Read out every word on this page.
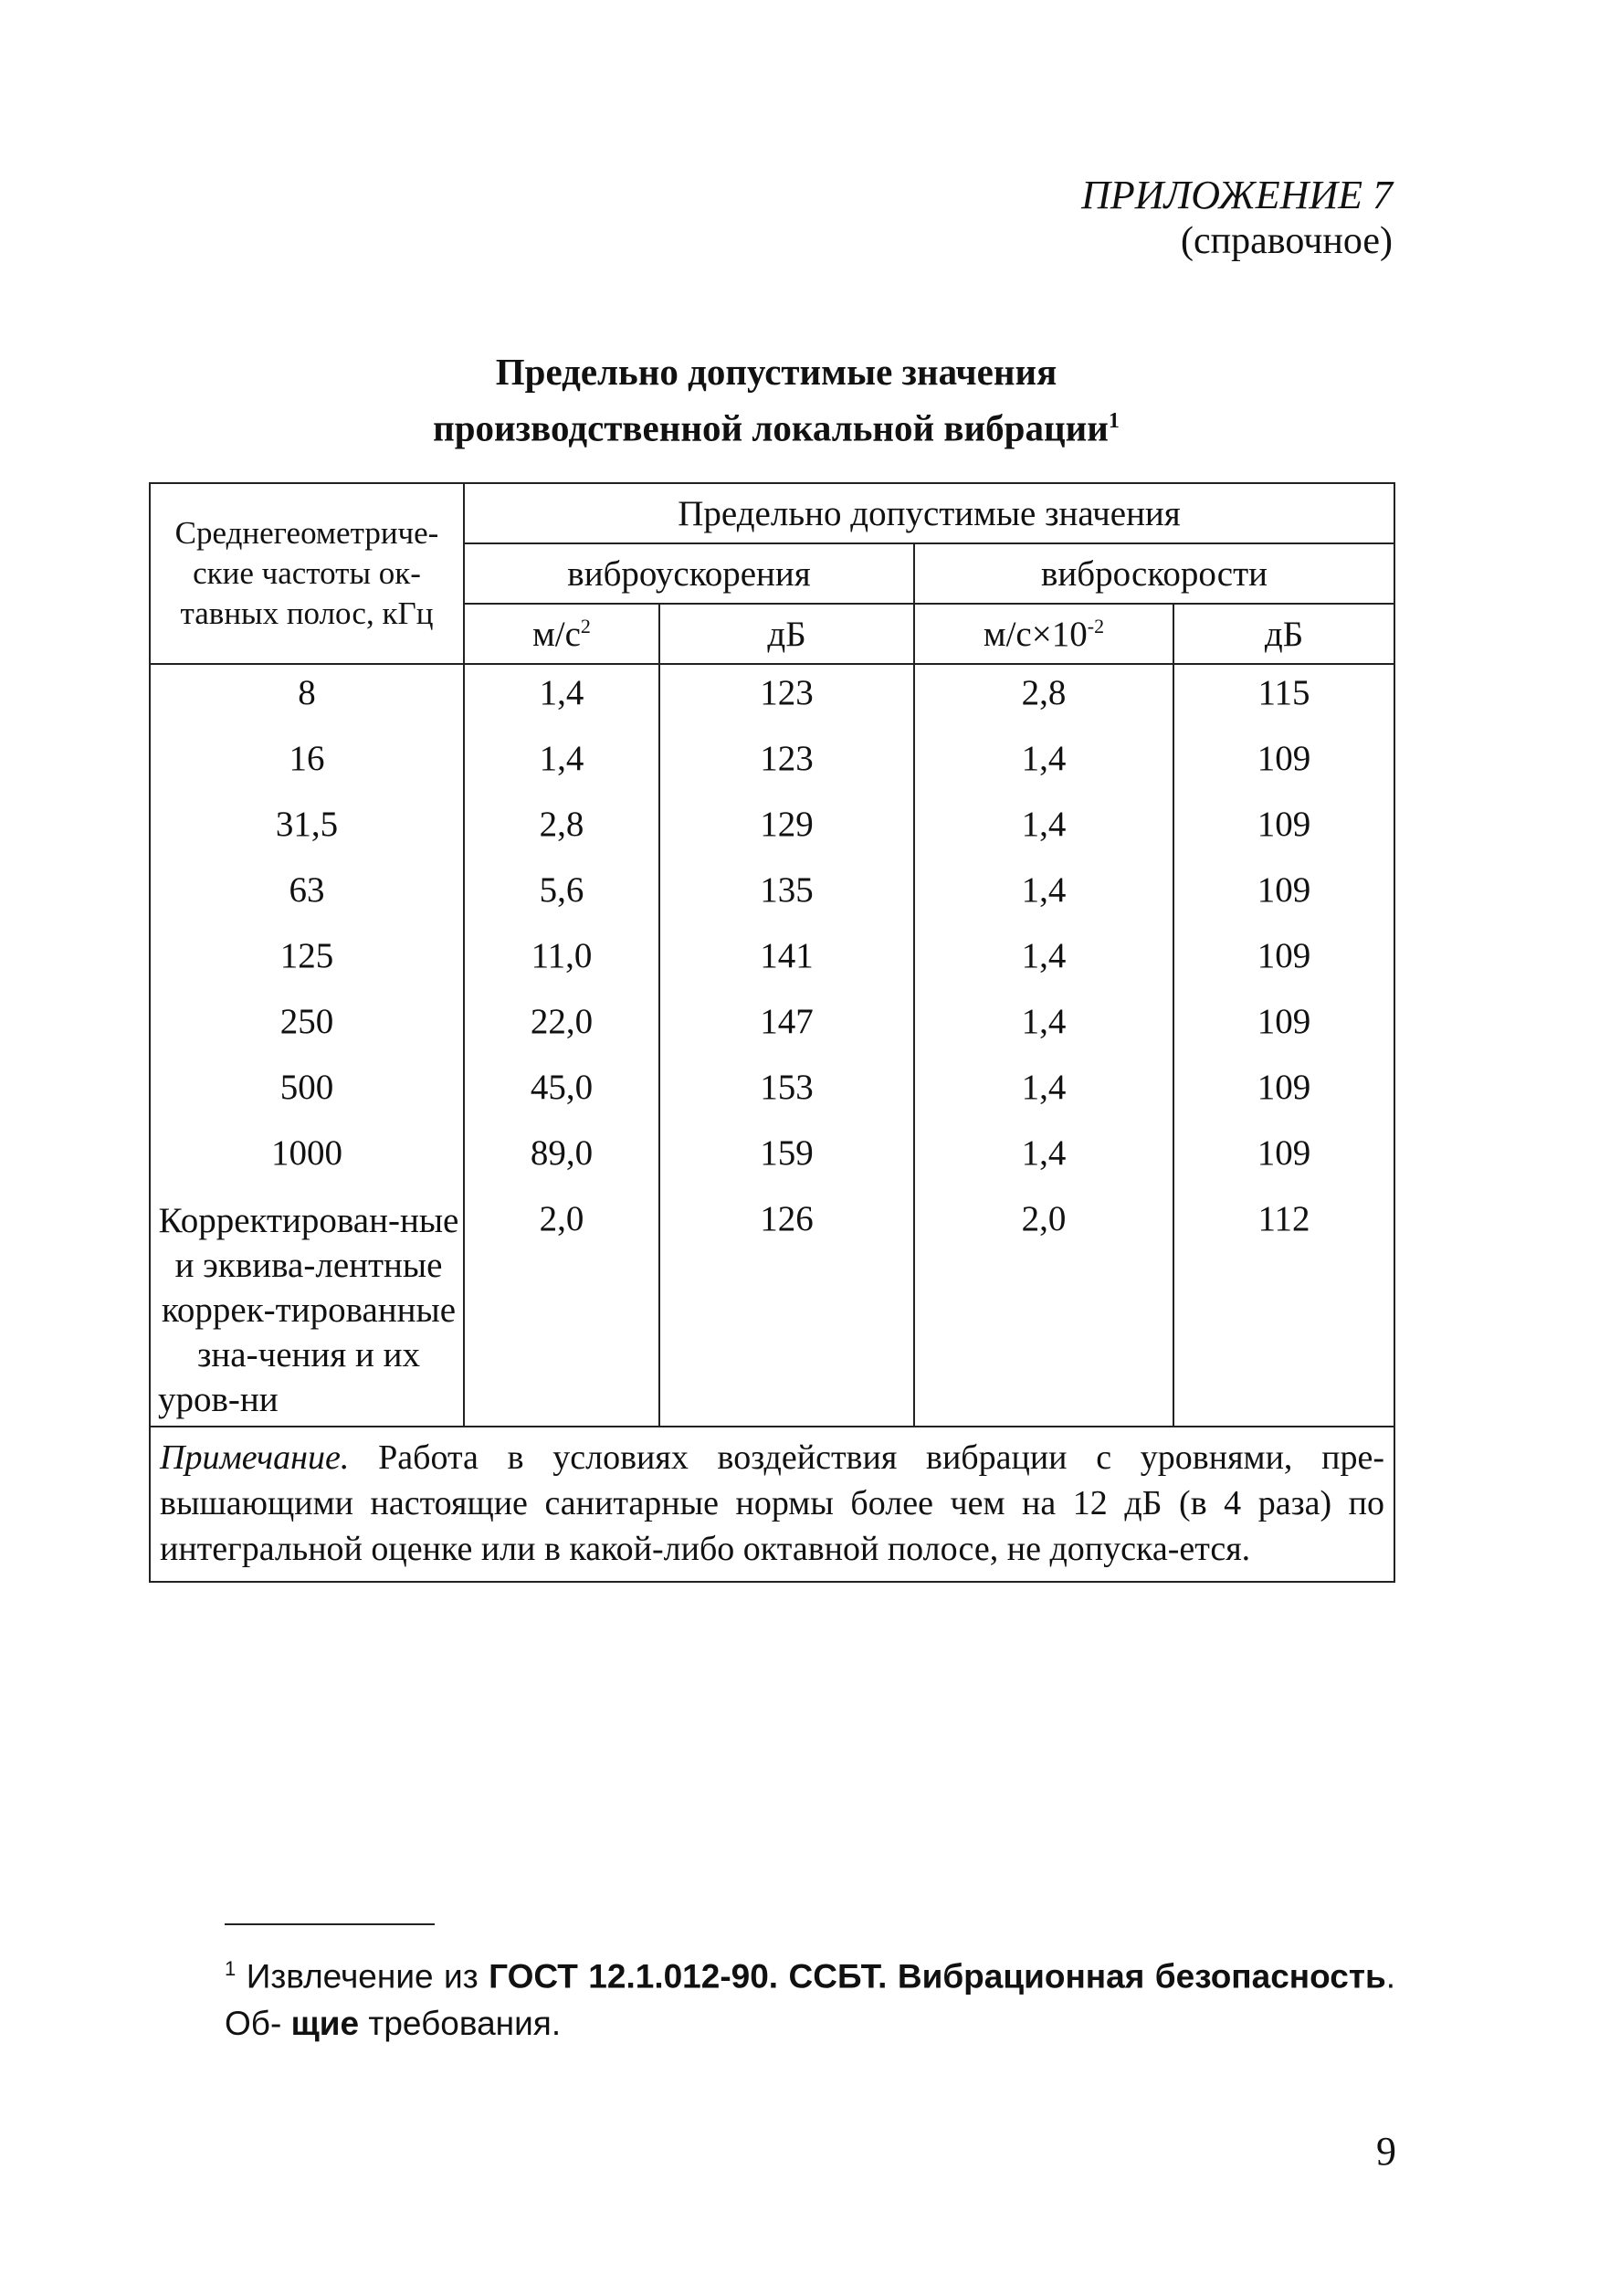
ПРИЛОЖЕНИЕ 7
(справочное)
Предельно допустимые значения
производственной локальной вибрации$^1$
Среднегеометриче-ские частоты ок-тавных полос, кГц	Предельно допустимые значения			
	виброускорения		виброскорости	
	$м/с^2$	дБ	$м/с\times 10^{-2}$	дБ
8	1,4	123	2,8	115
16	1,4	123	1,4	109
31,5	2,8	129	1,4	109
63	5,6	135	1,4	109
125	11,0	141	1,4	109
250	22,0	147	1,4	109
500	45,0	153	1,4	109
1000	89,0	159	1,4	109
Корректирован-ные и эквива-лентные коррек-тированные зна-чения и их уров-ни	2,0	126	2,0	112
Примечание. Работа в условиях воздействия вибрации с уровнями, пре-вышающими настоящие санитарные нормы более чем на 12 дБ (в 4 раза) по интегральной оценке или в какой-либо октавной полосе, не допуска-ется.				
$^1$ Извлечение из ГОСТ 12.1.012-90. ССБТ. Вибрационная безопасность. Об- щие требования.
9
